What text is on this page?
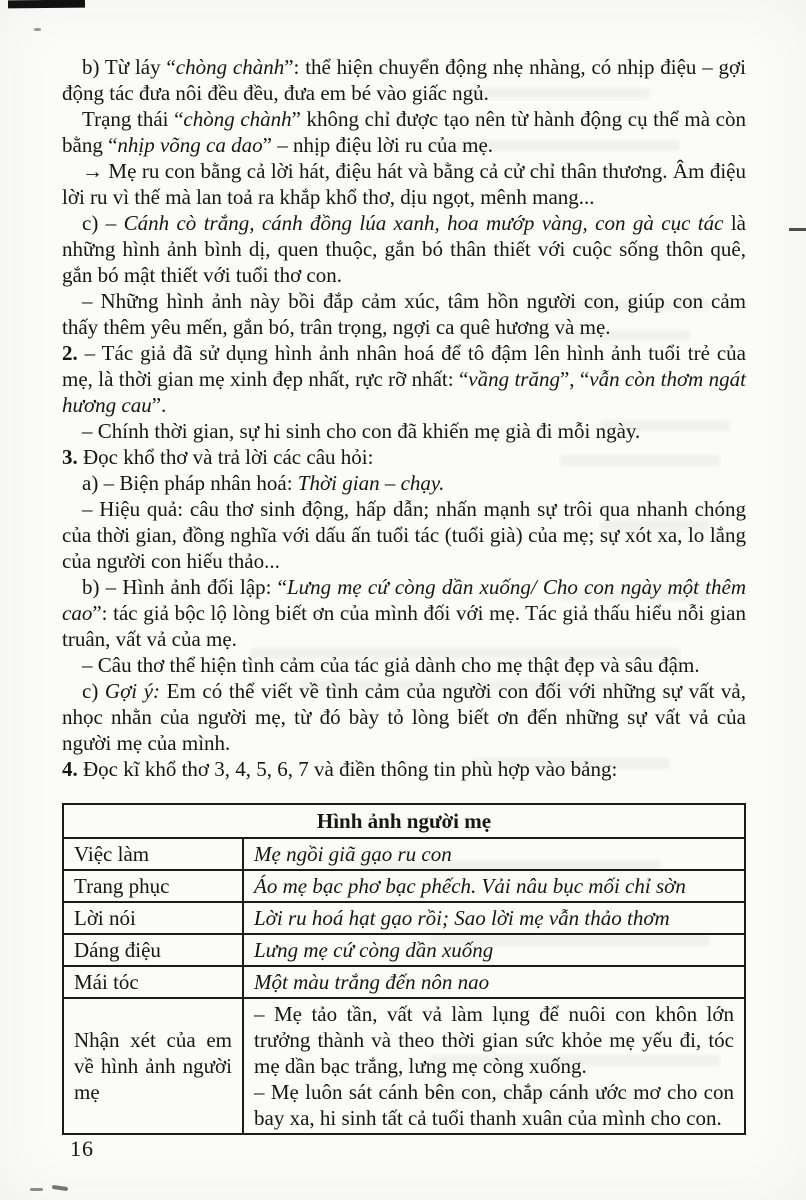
b) Từ láy “chòng chành”: thể hiện chuyển động nhẹ nhàng, có nhịp điệu – gợi động tác đưa nôi đều đều, đưa em bé vào giấc ngủ.

Trạng thái “chòng chành” không chỉ được tạo nên từ hành động cụ thể mà còn bằng “nhịp võng ca dao” – nhịp điệu lời ru của mẹ.

→ Mẹ ru con bằng cả lời hát, điệu hát và bằng cả cử chỉ thân thương. Âm điệu lời ru vì thế mà lan toả ra khắp khổ thơ, dịu ngọt, mênh mang...

c) – Cánh cò trắng, cánh đồng lúa xanh, hoa mướp vàng, con gà cục tác là những hình ảnh bình dị, quen thuộc, gắn bó thân thiết với cuộc sống thôn quê, gắn bó mật thiết với tuổi thơ con.

– Những hình ảnh này bồi đắp cảm xúc, tâm hồn người con, giúp con cảm thấy thêm yêu mến, gắn bó, trân trọng, ngợi ca quê hương và mẹ.

2. – Tác giả đã sử dụng hình ảnh nhân hoá để tô đậm lên hình ảnh tuổi trẻ của mẹ, là thời gian mẹ xinh đẹp nhất, rực rỡ nhất: “vầng trăng”, “vẫn còn thơm ngát hương cau”.

– Chính thời gian, sự hi sinh cho con đã khiến mẹ già đi mỗi ngày.

3. Đọc khổ thơ và trả lời các câu hỏi:

a) – Biện pháp nhân hoá: Thời gian – chạy.

– Hiệu quả: câu thơ sinh động, hấp dẫn; nhấn mạnh sự trôi qua nhanh chóng của thời gian, đồng nghĩa với dấu ấn tuổi tác (tuổi già) của mẹ; sự xót xa, lo lắng của người con hiếu thảo...

b) – Hình ảnh đối lập: “Lưng mẹ cứ còng dần xuống/ Cho con ngày một thêm cao”: tác giả bộc lộ lòng biết ơn của mình đối với mẹ. Tác giả thấu hiểu nỗi gian truân, vất vả của mẹ.

– Câu thơ thể hiện tình cảm của tác giả dành cho mẹ thật đẹp và sâu đậm.

c) Gợi ý: Em có thể viết về tình cảm của người con đối với những sự vất vả, nhọc nhằn của người mẹ, từ đó bày tỏ lòng biết ơn đến những sự vất vả của người mẹ của mình.

4. Đọc kĩ khổ thơ 3, 4, 5, 6, 7 và điền thông tin phù hợp vào bảng:

Hình ảnh người mẹ	
Việc làm	Mẹ ngồi giã gạo ru con

Trang phục	Áo mẹ bạc phơ bạc phếch. Vải nâu bục mối chỉ sờn

Lời nói	Lời ru hoá hạt gạo rồi; Sao lời mẹ vẫn thảo thơm

Dáng điệu	Lưng mẹ cứ còng dần xuống

Mái tóc	Một màu trắng đến nôn nao

Nhận xét của em về hình ảnh người mẹ	– Mẹ tảo tần, vất vả làm lụng để nuôi con khôn lớn trưởng thành và theo thời gian sức khỏe mẹ yếu đi, tóc mẹ dần bạc trắng, lưng mẹ còng xuống.

– Mẹ luôn sát cánh bên con, chắp cánh ước mơ cho con bay xa, hi sinh tất cả tuổi thanh xuân của mình cho con.

16
